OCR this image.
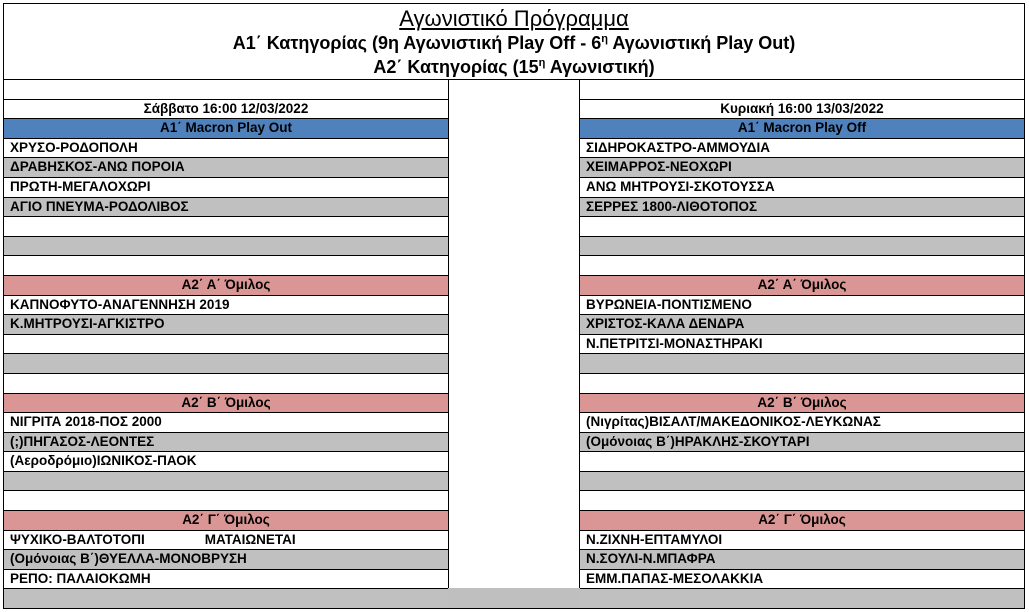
Αγωνιστικό Πρόγραμμα
Α1΄ Κατηγορίας (9η Αγωνιστική Play Off - $6^\eta$ Αγωνιστική Play Out)
Α2΄ Κατηγορίας ($15^\eta$ Αγωνιστική)
Σάββατο 16:00 12/03/2022
Α1΄ Macron Play Out
ΧΡΥΣΟ-ΡΟΔΟΠΟΛΗ
ΔΡΑΒΗΣΚΟΣ-ΑΝΩ ΠΟΡΟΙΑ
ΠΡΩΤΗ-ΜΕΓΑΛΟΧΩΡΙ
ΑΓΙΟ ΠΝΕΥΜΑ-ΡΟΔΟΛΙΒΟΣ
Α2΄ Α΄ Όμιλος
ΚΑΠΝΟΦΥΤΟ-ΑΝΑΓΕΝΝΗΣΗ 2019
Κ.ΜΗΤΡΟΥΣΙ-ΑΓΚΙΣΤΡΟ
Α2΄ Β΄ Όμιλος
ΝΙΓΡΙΤΑ 2018-ΠΟΣ 2000
(;)ΠΗΓΑΣΟΣ-ΛΕΟΝΤΕΣ
(Αεροδρόμιο)ΙΩΝΙΚΟΣ-ΠΑΟΚ
Α2΄ Γ΄ Όμιλος
ΨΥΧΙΚΟ-ΒΑΛΤΟΤΟΠΙ	ΜΑΤΑΙΩΝΕΤΑΙ
(Ομόνοιας Β΄)ΘΥΕΛΛΑ-ΜΟΝΟΒΡΥΣΗ
ΡΕΠΟ: ΠΑΛΑΙΟΚΩΜΗ
Κυριακή 16:00 13/03/2022
Α1΄ Macron Play Off
ΣΙΔΗΡΟΚΑΣΤΡΟ-ΑΜΜΟΥΔΙΑ
ΧΕΙΜΑΡΡΟΣ-ΝΕΟΧΩΡΙ
ΑΝΩ ΜΗΤΡΟΥΣΙ-ΣΚΟΤΟΥΣΣΑ
ΣΕΡΡΕΣ 1800-ΛΙΘΟΤΟΠΟΣ
Α2΄ Α΄ Όμιλος
ΒΥΡΩΝΕΙΑ-ΠΟΝΤΙΣΜΕΝΟ
ΧΡΙΣΤΟΣ-ΚΑΛΑ ΔΕΝΔΡΑ
Ν.ΠΕΤΡΙΤΣΙ-ΜΟΝΑΣΤΗΡΑΚΙ
Α2΄ Β΄ Όμιλος
(Νιγρίτας)ΒΙΣΑΛΤ/ΜΑΚΕΔΟΝΙΚΟΣ-ΛΕΥΚΩΝΑΣ
(Ομόνοιας Β΄)ΗΡΑΚΛΗΣ-ΣΚΟΥΤΑΡΙ
Α2΄ Γ΄ Όμιλος
Ν.ΖΙΧΝΗ-ΕΠΤΑΜΥΛΟΙ
Ν.ΣΟΥΛΙ-Ν.ΜΠΑΦΡΑ
ΕΜΜ.ΠΑΠΑΣ-ΜΕΣΟΛΑΚΚΙΑ
